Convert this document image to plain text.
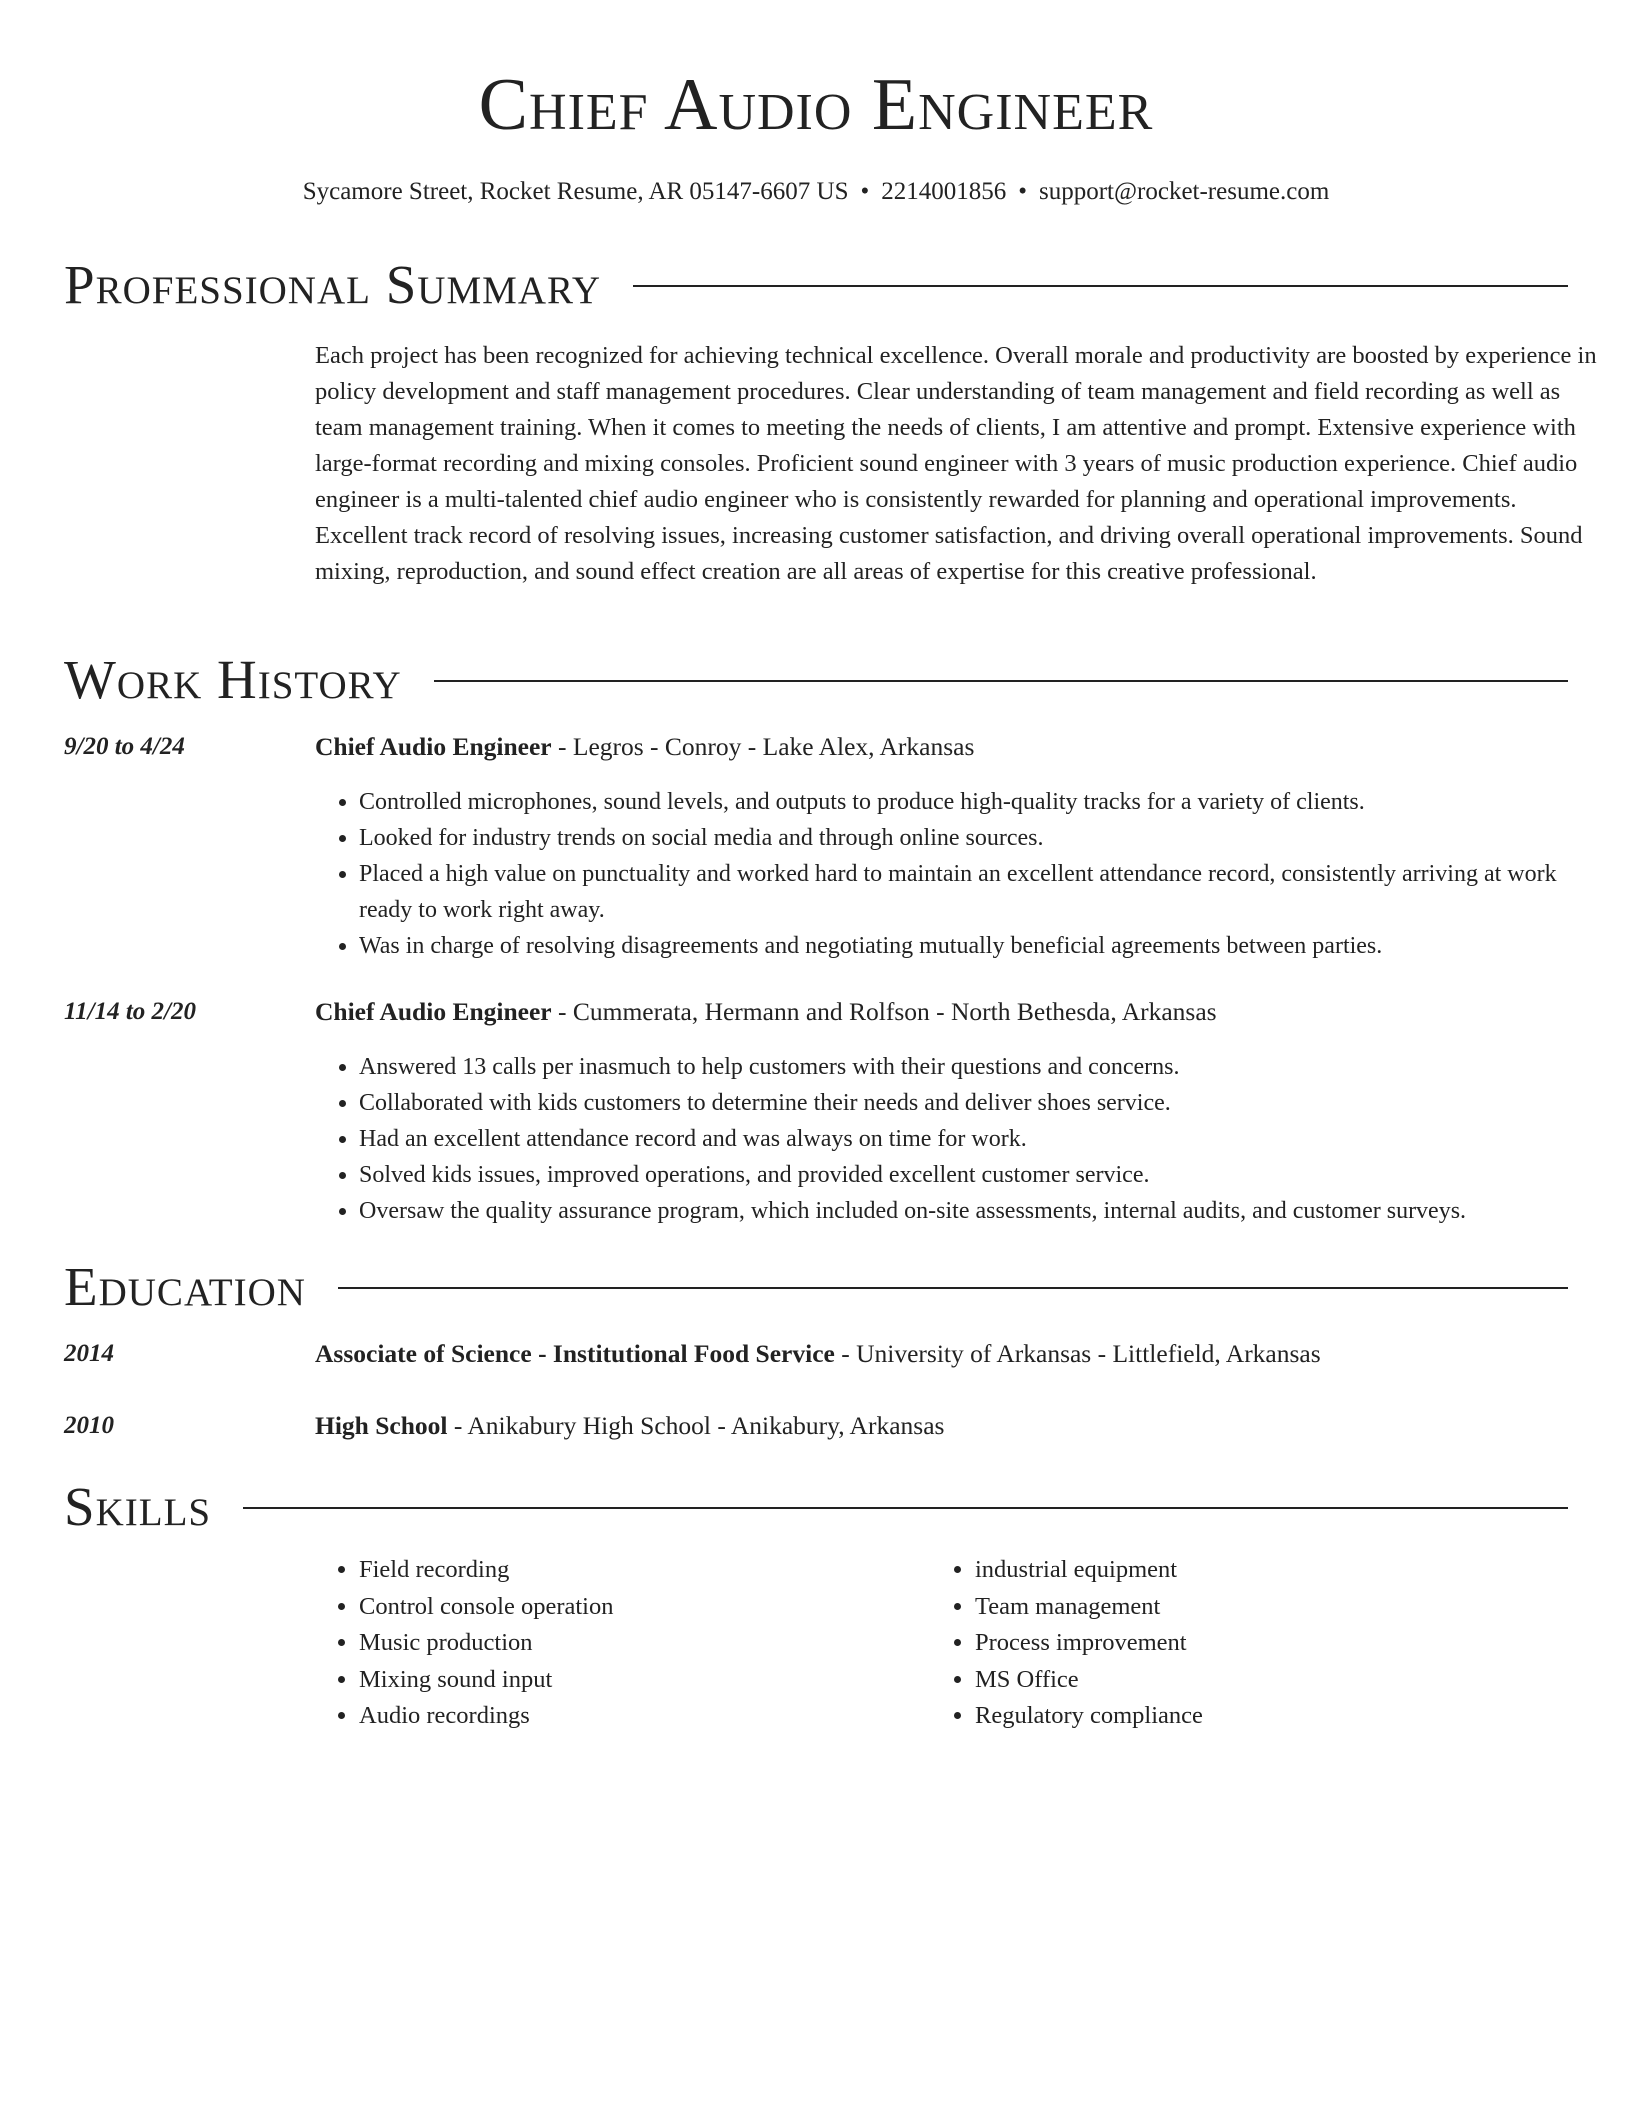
Chief Audio Engineer
Sycamore Street, Rocket Resume, AR 05147-6607 US • 2214001856 • support@rocket-resume.com
Professional Summary

Each project has been recognized for achieving technical excellence. Overall morale and productivity are boosted by experience in policy development and staff management procedures. Clear understanding of team management and field recording as well as team management training. When it comes to meeting the needs of clients, I am attentive and prompt. Extensive experience with large-format recording and mixing consoles. Proficient sound engineer with 3 years of music production experience. Chief audio engineer is a multi-talented chief audio engineer who is consistently rewarded for planning and operational improvements. Excellent track record of resolving issues, increasing customer satisfaction, and driving overall operational improvements. Sound mixing, reproduction, and sound effect creation are all areas of expertise for this creative professional.

Work History
9/20 to 4/24	Chief Audio Engineer - Legros - Conroy - Lake Alex, Arkansas
• Controlled microphones, sound levels, and outputs to produce high-quality tracks for a variety of clients.
• Looked for industry trends on social media and through online sources.
• Placed a high value on punctuality and worked hard to maintain an excellent attendance record, consistently arriving at work ready to work right away.
• Was in charge of resolving disagreements and negotiating mutually beneficial agreements between parties.
11/14 to 2/20	Chief Audio Engineer - Cummerata, Hermann and Rolfson - North Bethesda, Arkansas
• Answered 13 calls per inasmuch to help customers with their questions and concerns.
• Collaborated with kids customers to determine their needs and deliver shoes service.
• Had an excellent attendance record and was always on time for work.
• Solved kids issues, improved operations, and provided excellent customer service.
• Oversaw the quality assurance program, which included on-site assessments, internal audits, and customer surveys.
Education
2014	Associate of Science - Institutional Food Service - University of Arkansas - Littlefield, Arkansas
2010	High School - Anikabury High School - Anikabury, Arkansas
Skills
• Field recording
• Control console operation
• Music production
• Mixing sound input
• Audio recordings
• industrial equipment
• Team management
• Process improvement
• MS Office
• Regulatory compliance
